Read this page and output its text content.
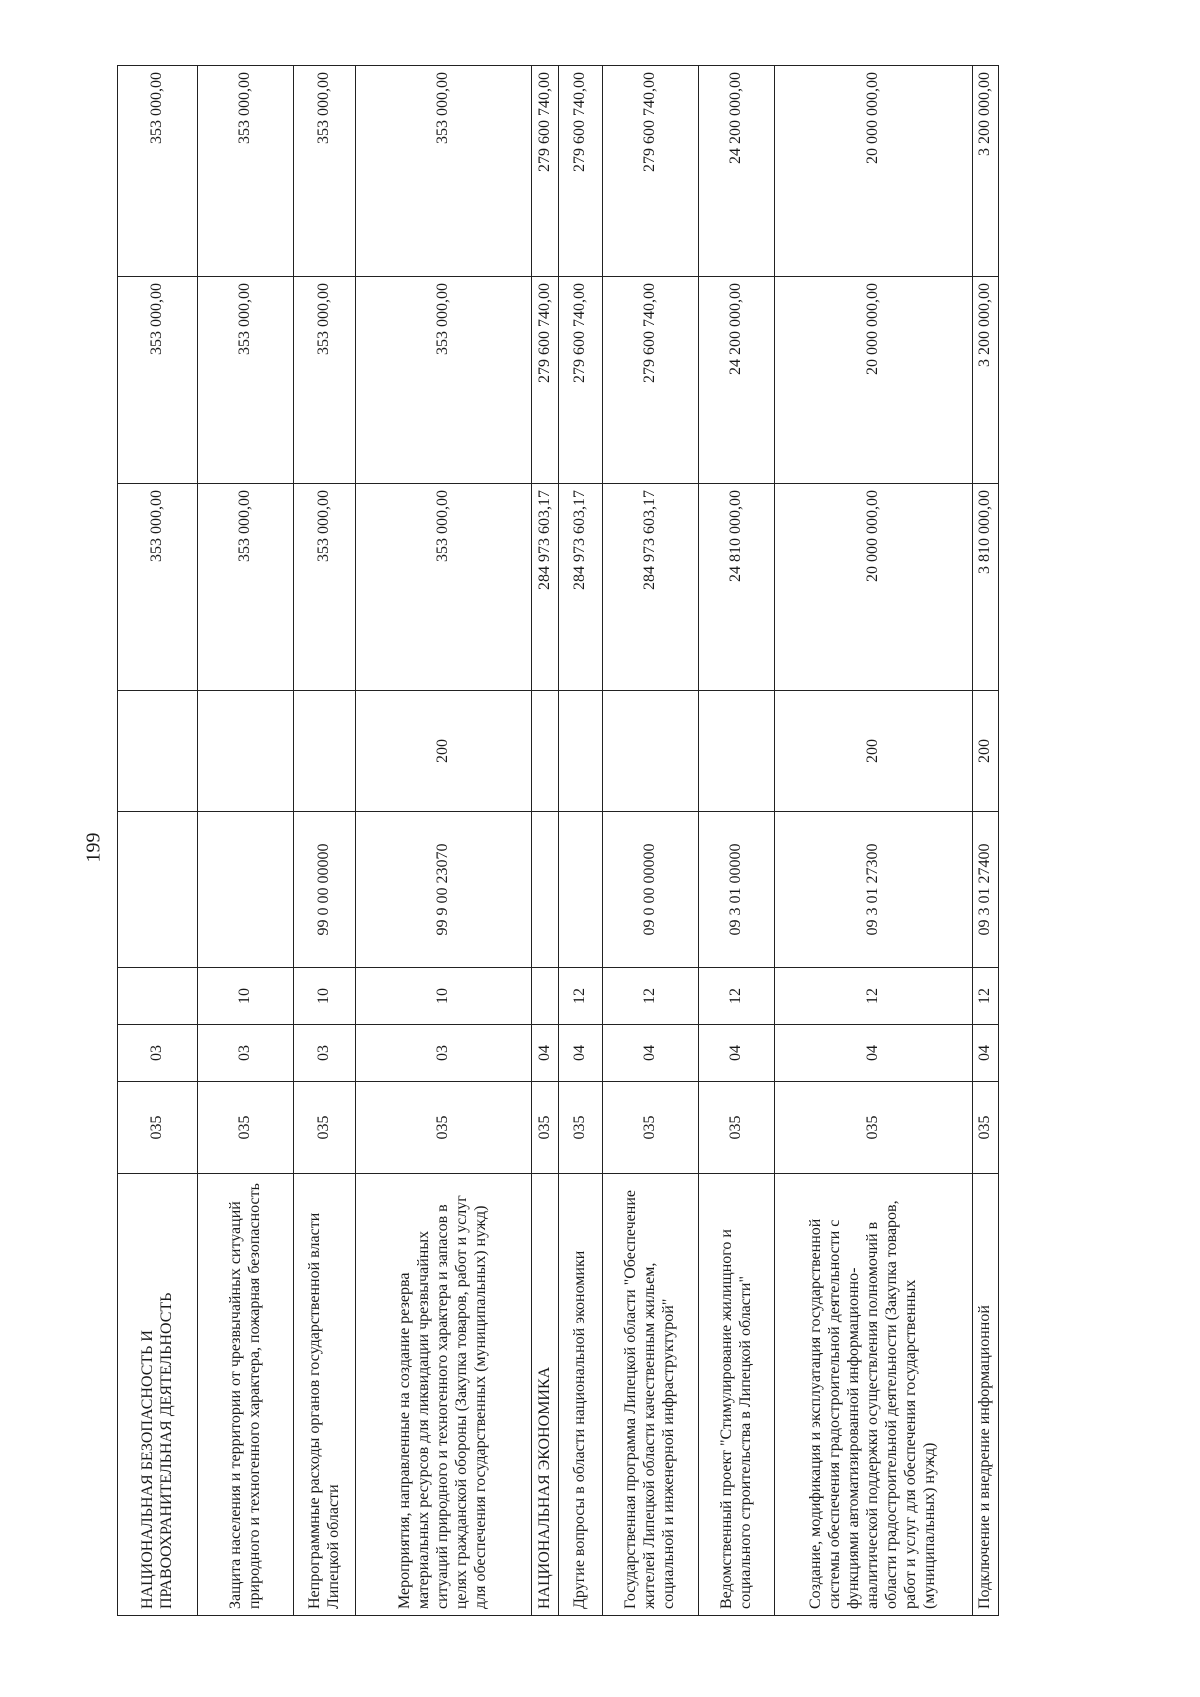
199
НАЦИОНАЛЬНАЯ БЕЗОПАСНОСТЬ И ПРАВООХРАНИТЕЛЬНАЯ ДЕЯТЕЛЬНОСТЬ	035	03				353 000,00	353 000,00	353 000,00
Защита населения и территории от чрезвычайных ситуаций природного и техногенного характера, пожарная безопасность	035	03	10			353 000,00	353 000,00	353 000,00
Непрограммные расходы органов государственной власти Липецкой области	035	03	10	99 0 00 00000		353 000,00	353 000,00	353 000,00
Мероприятия, направленные на создание резерва материальных ресурсов для ликвидации чрезвычайных ситуаций природного и техногенного характера и запасов в целях гражданской обороны (Закупка товаров, работ и услуг для обеспечения государственных (муниципальных) нужд)	035	03	10	99 9 00 23070	200	353 000,00	353 000,00	353 000,00
НАЦИОНАЛЬНАЯ ЭКОНОМИКА	035	04				284 973 603,17	279 600 740,00	279 600 740,00
Другие вопросы в области национальной экономики	035	04	12			284 973 603,17	279 600 740,00	279 600 740,00
Государственная программа Липецкой области "Обеспечение жителей Липецкой области качественным жильем, социальной и инженерной инфраструктурой"	035	04	12	09 0 00 00000		284 973 603,17	279 600 740,00	279 600 740,00
Ведомственный проект "Стимулирование жилищного и социального строительства в Липецкой области"	035	04	12	09 3 01 00000		24 810 000,00	24 200 000,00	24 200 000,00
Создание, модификация и эксплуатация государственной системы обеспечения градостроительной деятельности с функциями автоматизированной информационно-аналитической поддержки осуществления полномочий в области градостроительной деятельности (Закупка товаров, работ и услуг для обеспечения государственных (муниципальных) нужд)	035	04	12	09 3 01 27300	200	20 000 000,00	20 000 000,00	20 000 000,00
Подключение и внедрение информационной	035	04	12	09 3 01 27400	200	3 810 000,00	3 200 000,00	3 200 000,00
